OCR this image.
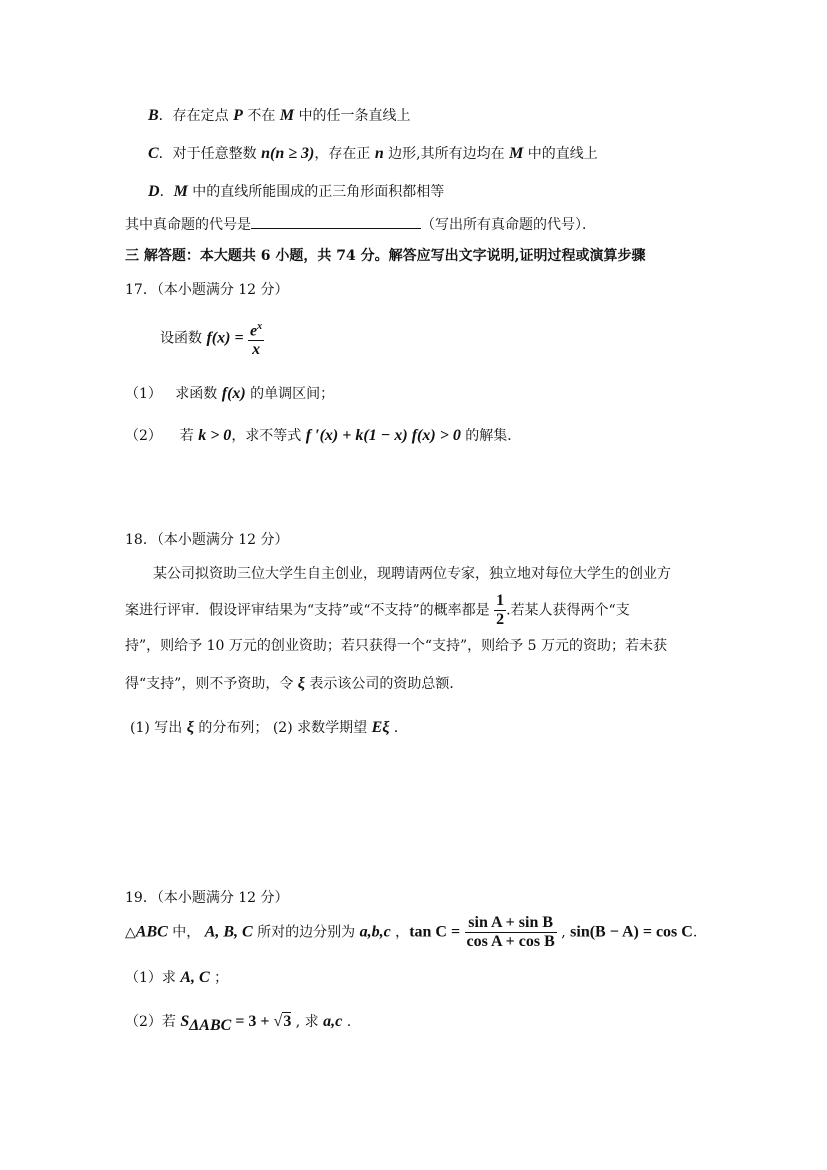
B．存在定点 P 不在 M 中的任一条直线上
C．对于任意整数 n(n ≥ 3)，存在正 n 边形,其所有边均在 M 中的直线上
D．M 中的直线所能围成的正三角形面积都相等
其中真命题的代号是	（写出所有真命题的代号）．
三 解答题：本大题共 6 小题，共 74 分。解答应写出文字说明,证明过程或演算步骤
17．（本小题满分 12 分）
设函数 $f(x) = \frac{e^x}{x}$
（1） 求函数 f(x) 的单调区间；
（2） 若 k > 0，求不等式 f ′(x) + k(1 − x) f(x) > 0 的解集．
18．（本小题满分 12 分）
某公司拟资助三位大学生自主创业，现聘请两位专家，独立地对每位大学生的创业方
案进行评审．假设评审结果为“支持”或“不支持”的概率都是 $\frac{1}{2}$ .若某人获得两个“支
持”，则给予 10 万元的创业资助；若只获得一个“支持”，则给予 5 万元的资助；若未获
得“支持”，则不予资助，令 ξ 表示该公司的资助总额．
(1) 写出 ξ 的分布列； (2) 求数学期望 Eξ ．
19．（本小题满分 12 分）
△ABC 中， A, B, C 所对的边分别为 a,b,c ，$\tan C = \frac{\text{sin A + sin B}}{\text{cos A + cos B}}$ , sin(B − A) = cos C.
（1）求 A, C ；
（2）若 $S_{\Delta ABC} = 3 + √3$ , 求 a,c .
